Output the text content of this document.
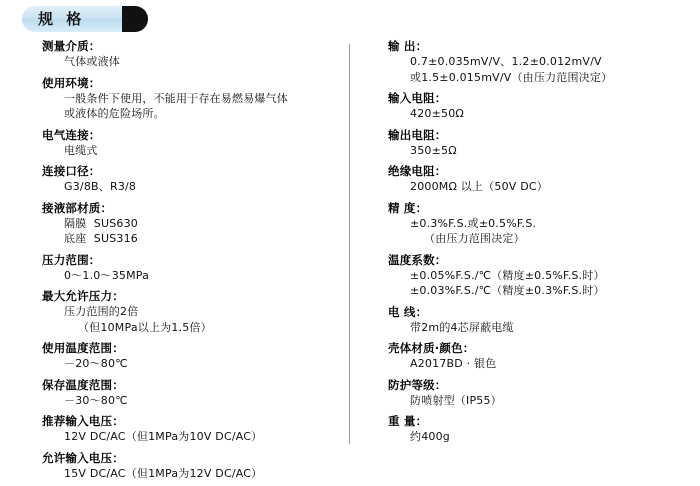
规 格
测量介质：
气体或液体
使用环境：
一般条件下使用，不能用于存在易燃易爆气体
或液体的危险场所。
电气连接：
电缆式
连接口径：
G3/8B、R3/8
接液部材质：
隔膜  SUS630
底座  SUS316
压力范围：
0～1.0～35MPa
最大允许压力：
压力范围的2倍
（但10MPa以上为1.5倍）
使用温度范围：
－20～80℃
保存温度范围：
－30～80℃
推荐输入电压：
12V DC/AC（但1MPa为10V DC/AC）
允许输入电压：
15V DC/AC（但1MPa为12V DC/AC）
输 出：
0.7±0.035mV/V、1.2±0.012mV/V
或1.5±0.015mV/V（由压力范围决定）
输入电阻：
420±50Ω
输出电阻：
350±5Ω
绝缘电阻：
2000MΩ 以上（50V DC）
精 度：
±0.3%F.S.或±0.5%F.S.
（由压力范围决定）
温度系数：
±0.05%F.S./℃（精度±0.5%F.S.时）
±0.03%F.S./℃（精度±0.3%F.S.时）
电 线：
带2m的4芯屏蔽电缆
壳体材质·颜色：
A2017BD · 银色
防护等级：
防喷射型（IP55）
重 量：
约400g
